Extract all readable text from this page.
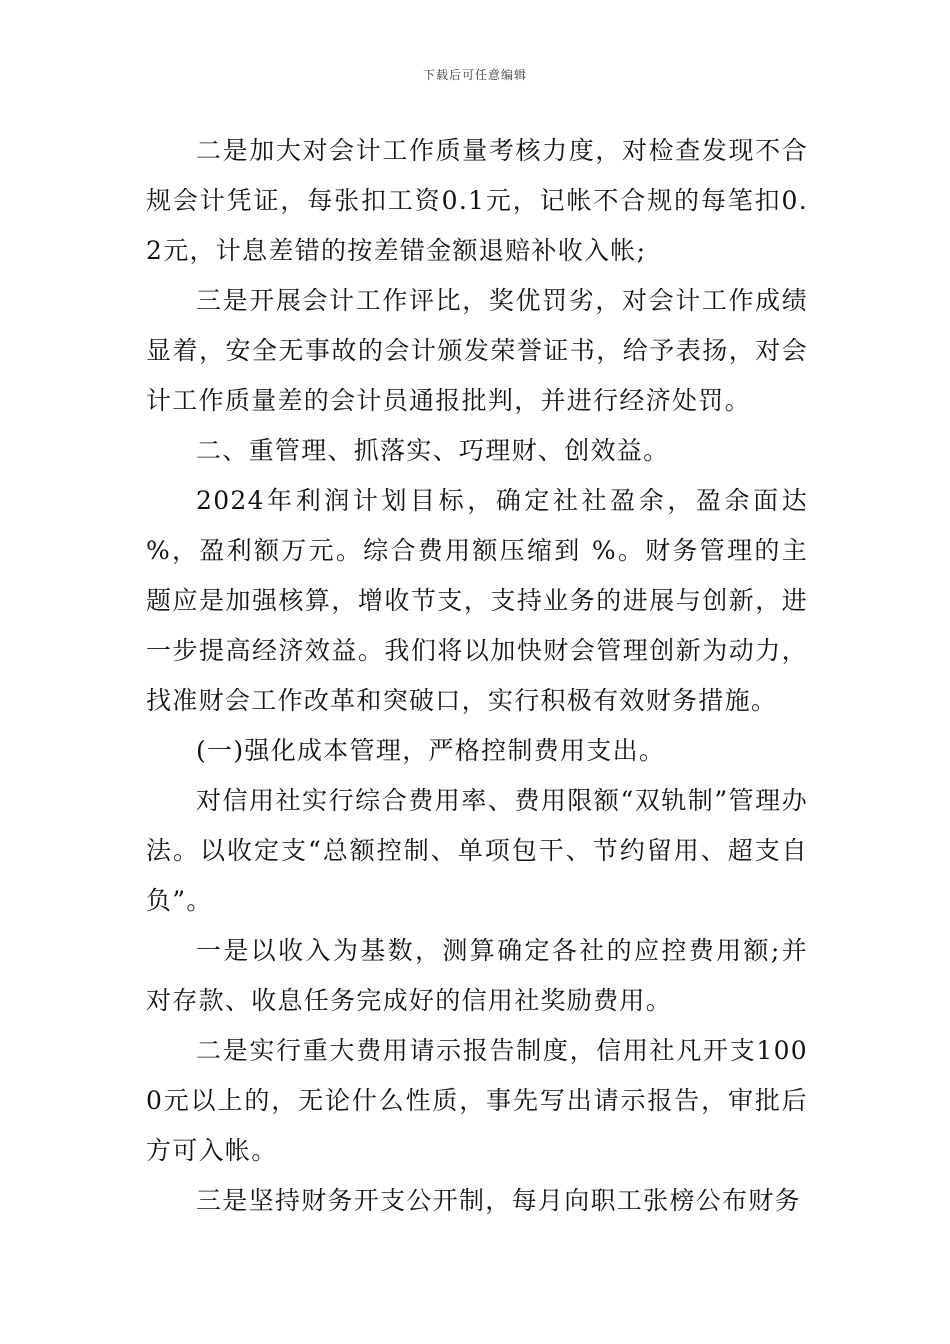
下载后可任意编辑

二是加大对会计工作质量考核力度，对检查发现不合规会计凭证，每张扣工资0.1元，记帐不合规的每笔扣0.2元，计息差错的按差错金额退赔补收入帐;

三是开展会计工作评比，奖优罚劣，对会计工作成绩显着，安全无事故的会计颁发荣誉证书，给予表扬，对会计工作质量差的会计员通报批判，并进行经济处罚。

二、重管理、抓落实、巧理财、创效益。

2024年利润计划目标，确定社社盈余，盈余面达 %，盈利额万元。综合费用额压缩到 %。财务管理的主题应是加强核算，增收节支，支持业务的进展与创新，进一步提高经济效益。我们将以加快财会管理创新为动力，找准财会工作改革和突破口，实行积极有效财务措施。

(一)强化成本管理，严格控制费用支出。

对信用社实行综合费用率、费用限额“双轨制”管理办法。以收定支“总额控制、单项包干、节约留用、超支自负”。

一是以收入为基数，测算确定各社的应控费用额;并对存款、收息任务完成好的信用社奖励费用。

二是实行重大费用请示报告制度，信用社凡开支1000元以上的，无论什么性质，事先写出请示报告，审批后方可入帐。

三是坚持财务开支公开制，每月向职工张榜公布财务
